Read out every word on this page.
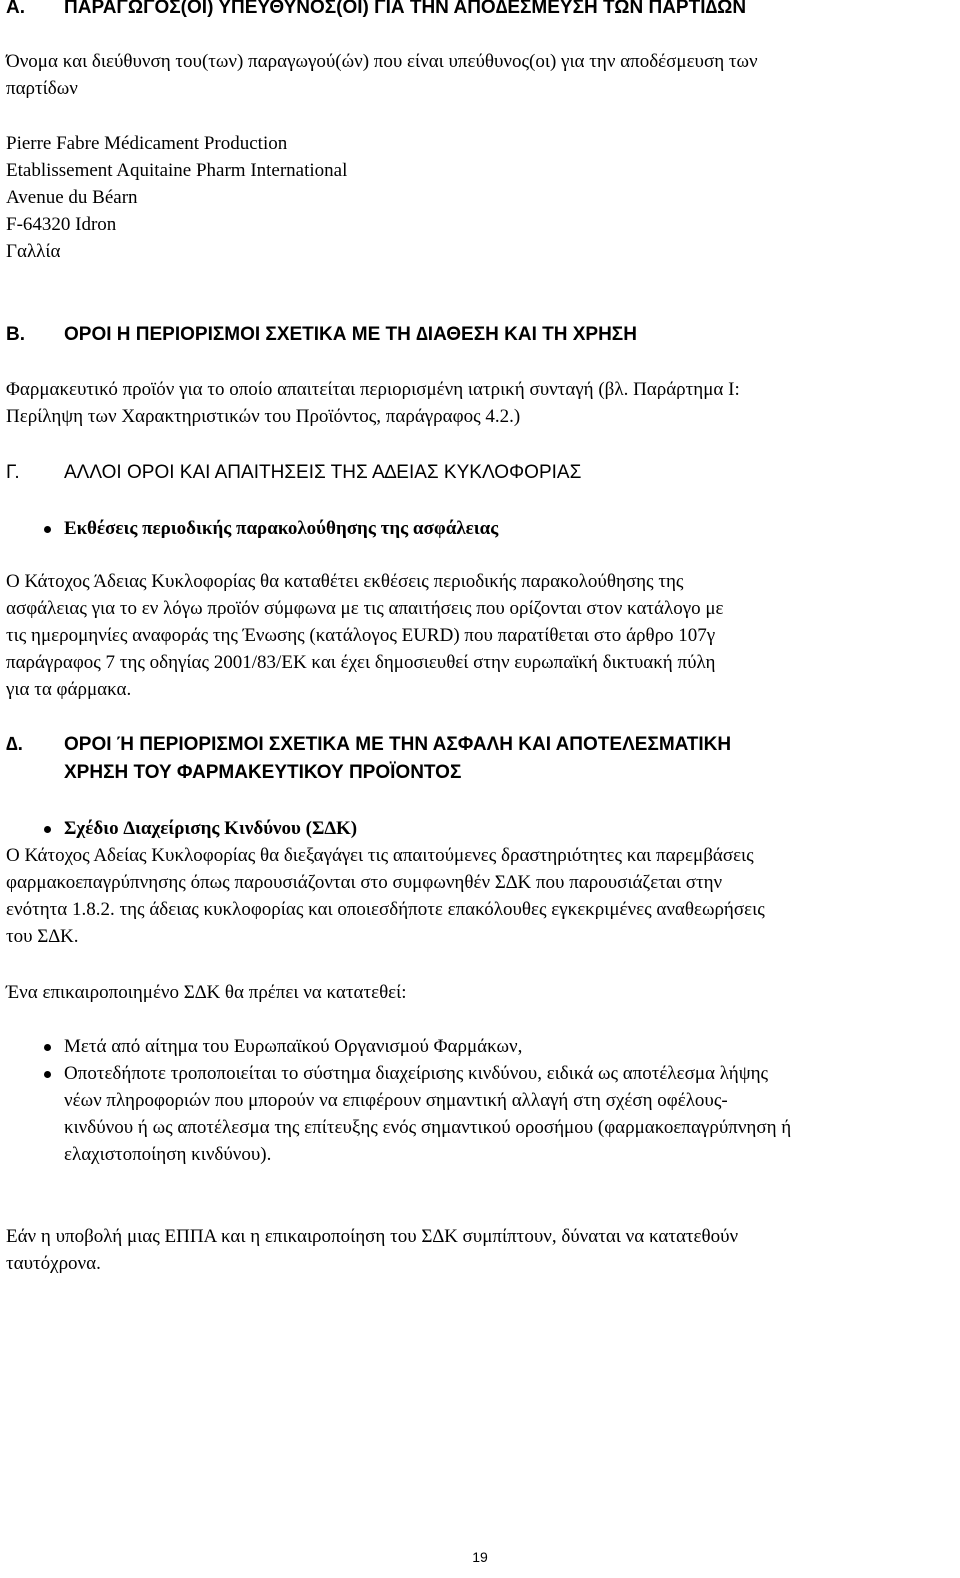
Α.	ΠΑΡΑΓΩΓΟΣ(ΟΙ) ΥΠΕΥΘΥΝΟΣ(ΟΙ) ΓΙΑ ΤΗΝ ΑΠΟ∆ΕΣΜΕΥΣΗ ΤΩΝ ΠΑΡΤΙ∆ΩΝ
Όνομα και διεύθυνση του(των) παραγωγού(ών) που είναι υπεύθυνος(οι) για την αποδέσμευση των
παρτίδων
Pierre Fabre Médicament Production
Etablissement Aquitaine Pharm International
Avenue du Béarn
F-64320 Idron
Γαλλία
Β.	ΟΡΟΙ Η ΠΕΡΙΟΡΙΣΜΟΙ ΣΧΕΤΙΚΑ ΜΕ ΤΗ ∆ΙΑΘΕΣΗ ΚΑΙ ΤΗ ΧΡΗΣΗ
Φαρμακευτικό προϊόν για το οποίο απαιτείται περιορισμένη ιατρική συνταγή (βλ. Παράρτημα Ι:
Περίληψη των Χαρακτηριστικών του Προϊόντος, παράγραφος 4.2.)
Γ.	ΑΛΛΟΙ ΟΡΟΙ ΚΑΙ ΑΠΑΙΤΗΣΕΙΣ ΤΗΣ Α∆ΕΙΑΣ ΚΥΚΛΟΦΟΡΙΑΣ
Εκθέσεις περιοδικής παρακολούθησης της ασφάλειας
Ο Κάτοχος Άδειας Κυκλοφορίας θα καταθέτει εκθέσεις περιοδικής παρακολούθησης της
ασφάλειας για το εν λόγω προϊόν σύμφωνα με τις απαιτήσεις που ορίζονται στον κατάλογο με
τις ημερομηνίες αναφοράς της Ένωσης (κατάλογος EURD) που παρατίθεται στο άρθρο 107γ
παράγραφος 7 της οδηγίας 2001/83/ΕΚ και έχει δημοσιευθεί στην ευρωπαϊκή δικτυακή πύλη
για τα φάρμακα.
∆.	ΟΡΟΙ Ή ΠΕΡΙΟΡΙΣΜΟΙ ΣΧΕΤΙΚΑ ΜΕ ΤΗΝ ΑΣΦΑΛΗ ΚΑΙ ΑΠΟΤΕΛΕΣΜΑΤΙΚΗ
ΧΡΗΣΗ ΤΟΥ ΦΑΡΜΑΚΕΥΤΙΚΟΥ ΠΡΟΪΟΝΤΟΣ
Σχέδιο ∆ιαχείρισης Κινδύνου (Σ∆Κ)
Ο Κάτοχος Αδείας Κυκλοφορίας θα διεξαγάγει τις απαιτούμενες δραστηριότητες και παρεμβάσεις
φαρμακοεπαγρύπνησης όπως παρουσιάζονται στο συμφωνηθέν Σ∆Κ που παρουσιάζεται στην
ενότητα 1.8.2. της άδειας κυκλοφορίας και οποιεσδήποτε επακόλουθες εγκεκριμένες αναθεωρήσεις
του Σ∆Κ.
Ένα επικαιροποιημένο Σ∆Κ θα πρέπει να κατατεθεί:
Μετά από αίτημα του Ευρωπαϊκού Οργανισμού Φαρμάκων,
Οποτεδήποτε τροποποιείται το σύστημα διαχείρισης κινδύνου, ειδικά ως αποτέλεσμα λήψης
νέων πληροφοριών που μπορούν να επιφέρουν σημαντική αλλαγή στη σχέση οφέλους-
κινδύνου ή ως αποτέλεσμα της επίτευξης ενός σημαντικού οροσήμου (φαρμακοεπαγρύπνηση ή
ελαχιστοποίηση κινδύνου).
Εάν η υποβολή μιας ΕΠΠΑ και η επικαιροποίηση του Σ∆Κ συμπίπτουν, δύναται να κατατεθούν
ταυτόχρονα.
19
